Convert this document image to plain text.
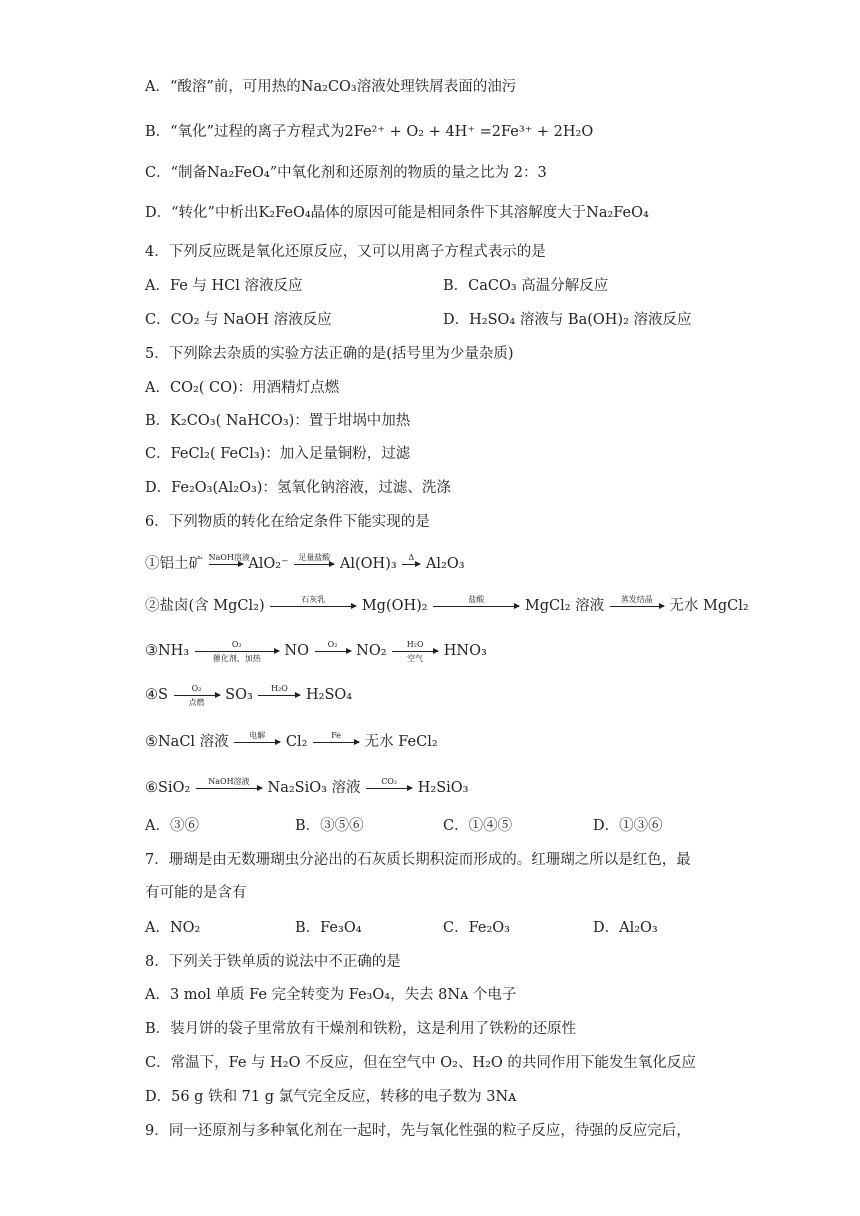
A．“酸溶”前，可用热的Na₂CO₃溶液处理铁屑表面的油污
B．“氧化”过程的离子方程式为2Fe²⁺ + O₂ + 4H⁺ =2Fe³⁺ + 2H₂O
C．“制备Na₂FeO₄”中氧化剂和还原剂的物质的量之比为 2：3
D．“转化”中析出K₂FeO₄晶体的原因可能是相同条件下其溶解度大于Na₂FeO₄
4．下列反应既是氧化还原反应，又可以用离子方程式表示的是
A．Fe 与 HCl 溶液反应	B．CaCO₃ 高温分解反应
C．CO₂ 与 NaOH 溶液反应	D．H₂SO₄ 溶液与 Ba(OH)₂ 溶液反应
5．下列除去杂质的实验方法正确的是(括号里为少量杂质)
A．CO₂( CO)：用酒精灯点燃
B．K₂CO₃( NaHCO₃)：置于坩埚中加热
C．FeCl₂( FeCl₃)：加入足量铜粉，过滤
D．Fe₂O₃(Al₂O₃)：氢氧化钠溶液，过滤、洗涤
6．下列物质的转化在给定条件下能实现的是
①铝土矿 NaOH溶液
AlO₂⁻	足量盐酸 Al(OH)₃	Δ Al₂O₃
②盐卤(含 MgCl₂)	石灰乳	Mg(OH)₂	盐酸	MgCl₂ 溶液	蒸发结晶	无水 MgCl₂
③NH₃	O₂
催化剂、加热	NO	O₂	NO₂	H₂O
空气	HNO₃
④S	O₂
点燃	SO₃	H₂O	H₂SO₄
⑤NaCl 溶液	电解	Cl₂	Fe	无水 FeCl₂
⑥SiO₂	NaOH溶液	Na₂SiO₃ 溶液	CO₂	H₂SiO₃
A．③⑥	B．③⑤⑥	C．①④⑤	D．①③⑥
7．珊瑚是由无数珊瑚虫分泌出的石灰质长期积淀而形成的。红珊瑚之所以是红色，最
有可能的是含有
A．NO₂	B．Fe₃O₄	C．Fe₂O₃	D．Al₂O₃
8．下列关于铁单质的说法中不正确的是
A．3 mol 单质 Fe 完全转变为 Fe₃O₄，失去 8Nᴀ 个电子
B．装月饼的袋子里常放有干燥剂和铁粉，这是利用了铁粉的还原性
C．常温下，Fe 与 H₂O 不反应，但在空气中 O₂、H₂O 的共同作用下能发生氧化反应
D．56 g 铁和 71 g 氯气完全反应，转移的电子数为 3Nᴀ
9．同一还原剂与多种氧化剂在一起时，先与氧化性强的粒子反应，待强的反应完后，
